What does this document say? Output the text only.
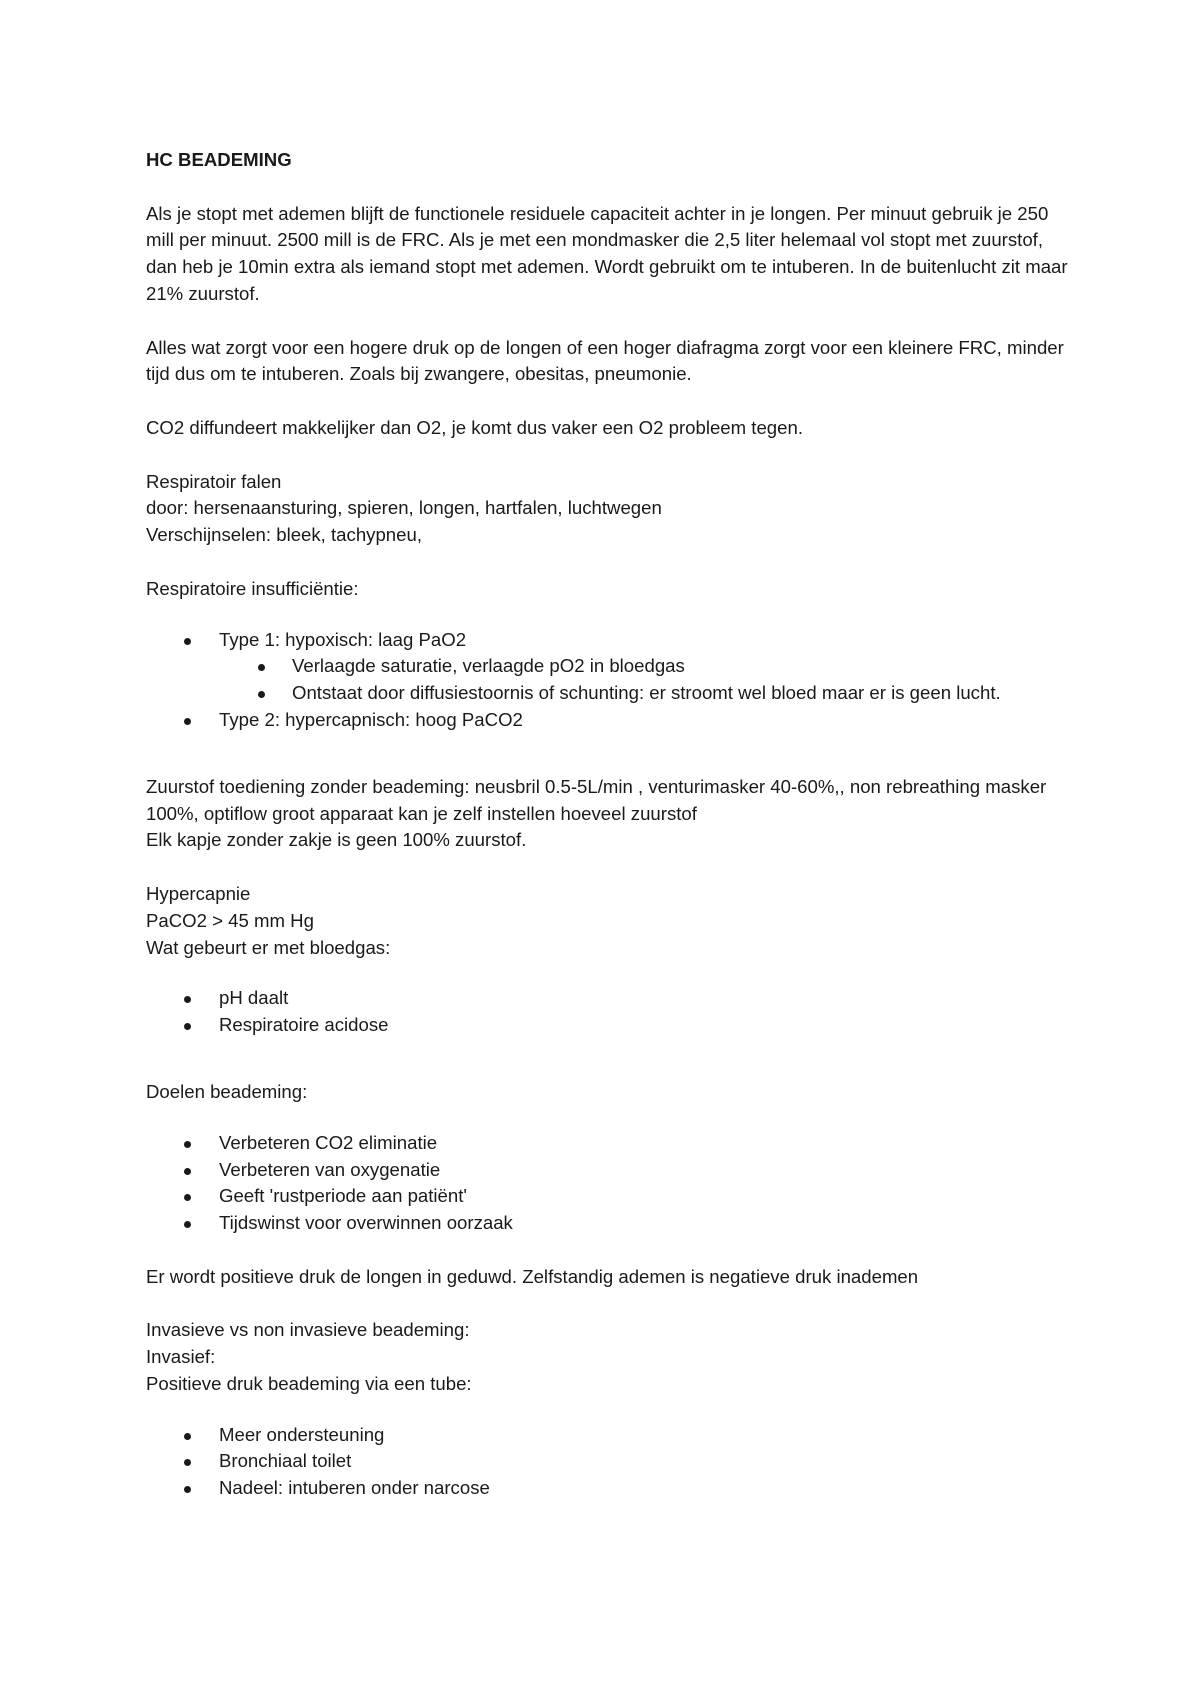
HC BEADEMING

Als je stopt met ademen blijft de functionele residuele capaciteit achter in je longen. Per minuut gebruik je 250 mill per minuut. 2500 mill is de FRC. Als je met een mondmasker die 2,5 liter helemaal vol stopt met zuurstof, dan heb je 10min extra als iemand stopt met ademen. Wordt gebruikt om te intuberen. In de buitenlucht zit maar 21% zuurstof.

Alles wat zorgt voor een hogere druk op de longen of een hoger diafragma zorgt voor een kleinere FRC, minder tijd dus om te intuberen. Zoals bij zwangere, obesitas, pneumonie.

CO2 diffundeert makkelijker dan O2, je komt dus vaker een O2 probleem tegen.

Respiratoir falen

door: hersenaansturing, spieren, longen, hartfalen, luchtwegen

Verschijnselen: bleek, tachypneu,

Respiratoire insufficiëntie:

Type 1: hypoxisch: laag PaO2
Verlaagde saturatie, verlaagde pO2 in bloedgas
Ontstaat door diffusiestoornis of schunting: er stroomt wel bloed maar er is geen lucht.
Type 2: hypercapnisch: hoog PaCO2

Zuurstof toediening zonder beademing: neusbril 0.5-5L/min , venturimasker 40-60%,, non rebreathing masker 100%, optiflow groot apparaat kan je zelf instellen hoeveel zuurstof

Elk kapje zonder zakje is geen 100% zuurstof.

Hypercapnie

PaCO2 > 45 mm Hg

Wat gebeurt er met bloedgas:

pH daalt
Respiratoire acidose

Doelen beademing:

Verbeteren CO2 eliminatie
Verbeteren van oxygenatie
Geeft 'rustperiode aan patiënt'
Tijdswinst voor overwinnen oorzaak

Er wordt positieve druk de longen in geduwd. Zelfstandig ademen is negatieve druk inademen

Invasieve vs non invasieve beademing:

Invasief:

Positieve druk beademing via een tube:

Meer ondersteuning
Bronchiaal toilet
Nadeel: intuberen onder narcose
